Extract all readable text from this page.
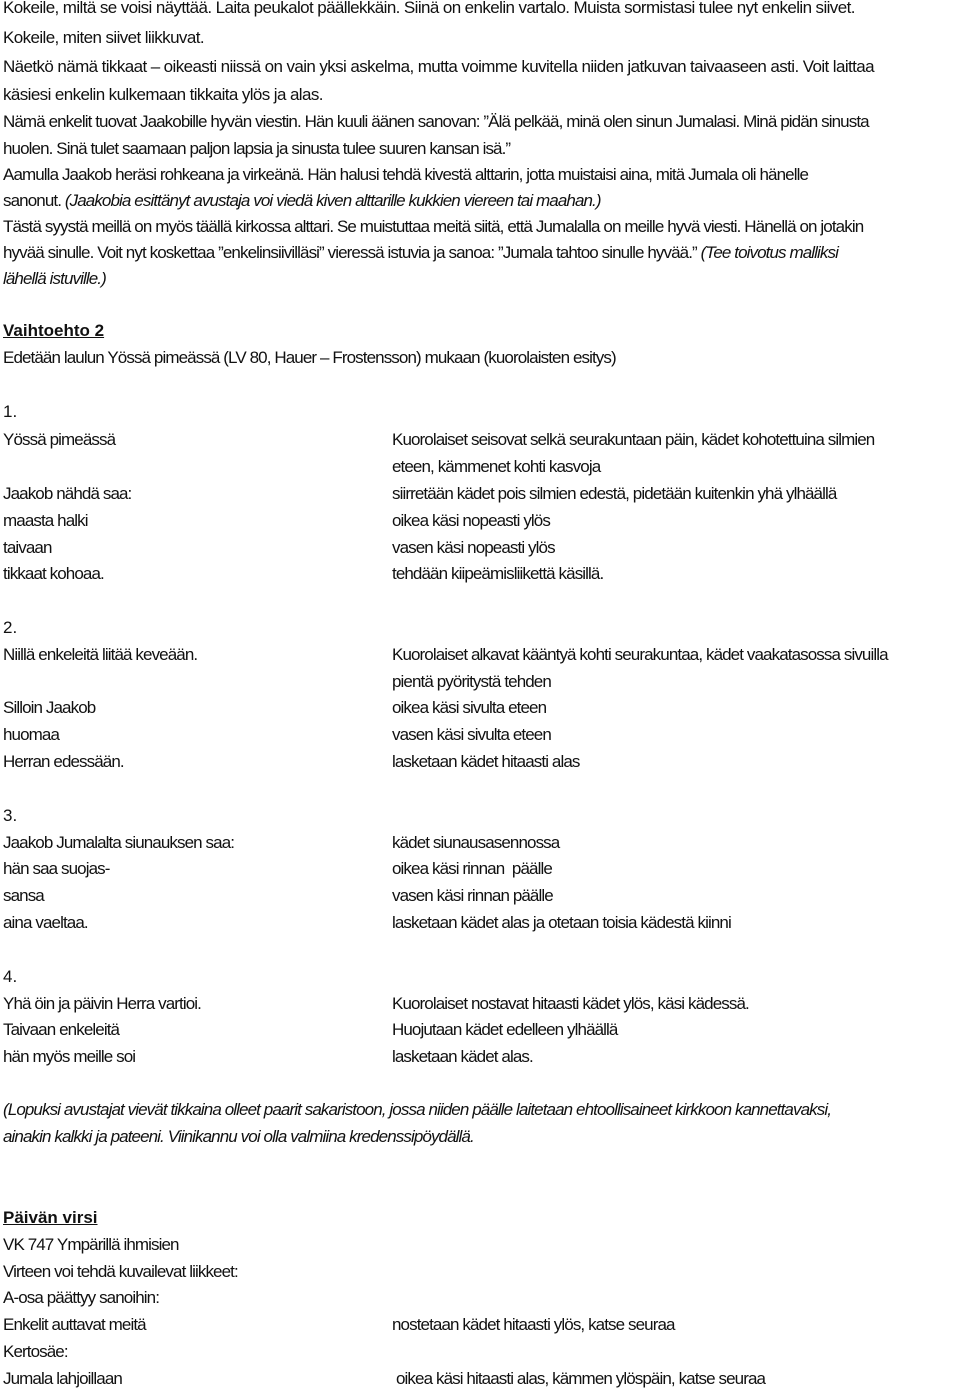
Kokeile, miltä se voisi näyttää. Laita peukalot päällekkäin. Siinä on enkelin vartalo. Muista sormistasi tulee nyt enkelin siivet.
Kokeile, miten siivet liikkuvat.
Näetkö nämä tikkaat – oikeasti niissä on vain yksi askelma, mutta voimme kuvitella niiden jatkuvan taivaaseen asti. Voit laittaa
käsiesi enkelin kulkemaan tikkaita ylös ja alas.
Nämä enkelit tuovat Jaakobille hyvän viestin. Hän kuuli äänen sanovan: ”Älä pelkää, minä olen sinun Jumalasi. Minä pidän sinusta
huolen. Sinä tulet saamaan paljon lapsia ja sinusta tulee suuren kansan isä.”
Aamulla Jaakob heräsi rohkeana ja virkeänä. Hän halusi tehdä kivestä alttarin, jotta muistaisi aina, mitä Jumala oli hänelle
sanonut. (Jaakobia esittänyt avustaja voi viedä kiven alttarille kukkien viereen tai maahan.)
Tästä syystä meillä on myös täällä kirkossa alttari. Se muistuttaa meitä siitä, että Jumalalla on meille hyvä viesti. Hänellä on jotakin
hyvää sinulle. Voit nyt koskettaa ”enkelinsiivilläsi” vieressä istuvia ja sanoa: ”Jumala tahtoo sinulle hyvää.” (Tee toivotus malliksi
lähellä istuville.)
Vaihtoehto 2
Edetään laulun Yössä pimeässä (LV 80, Hauer – Frostensson) mukaan (kuorolaisten esitys)
1.
Yössä pimeässä
Jaakob nähdä saa:
maasta halki
taivaan
tikkaat kohoaa.
Kuorolaiset seisovat selkä seurakuntaan päin, kädet kohotettuina silmien
eteen, kämmenet kohti kasvoja
siirretään kädet pois silmien edestä, pidetään kuitenkin yhä ylhäällä
oikea käsi nopeasti ylös
vasen käsi nopeasti ylös
tehdään kiipeämisliikettä käsillä.
2.
Niillä enkeleitä liitää keveään.
Silloin Jaakob
huomaa
Herran edessään.
Kuorolaiset alkavat kääntyä kohti seurakuntaa, kädet vaakatasossa sivuilla
pientä pyöritystä tehden
oikea käsi sivulta eteen
vasen käsi sivulta eteen
lasketaan kädet hitaasti alas
3.
Jaakob Jumalalta siunauksen saa:
hän saa suojas-
sansa
aina vaeltaa.
kädet siunausasennossa
oikea käsi rinnan  päälle
vasen käsi rinnan päälle
lasketaan kädet alas ja otetaan toisia kädestä kiinni
4.
Yhä öin ja päivin Herra vartioi.
Taivaan enkeleitä
hän myös meille soi
Kuorolaiset nostavat hitaasti kädet ylös, käsi kädessä.
Huojutaan kädet edelleen ylhäällä
lasketaan kädet alas.
(Lopuksi avustajat vievät tikkaina olleet paarit sakaristoon, jossa niiden päälle laitetaan ehtoollisaineet kirkkoon kannettavaksi,
ainakin kalkki ja pateeni. Viinikannu voi olla valmiina kredenssipöydällä.
Päivän virsi
VK 747 Ympärillä ihmisien
Virteen voi tehdä kuvailevat liikkeet:
A-osa päättyy sanoihin:
Enkelit auttavat meitä	nostetaan kädet hitaasti ylös, katse seuraa
Kertosäe:
Jumala lahjoillaan	oikea käsi hitaasti alas, kämmen ylöspäin, katse seuraa
